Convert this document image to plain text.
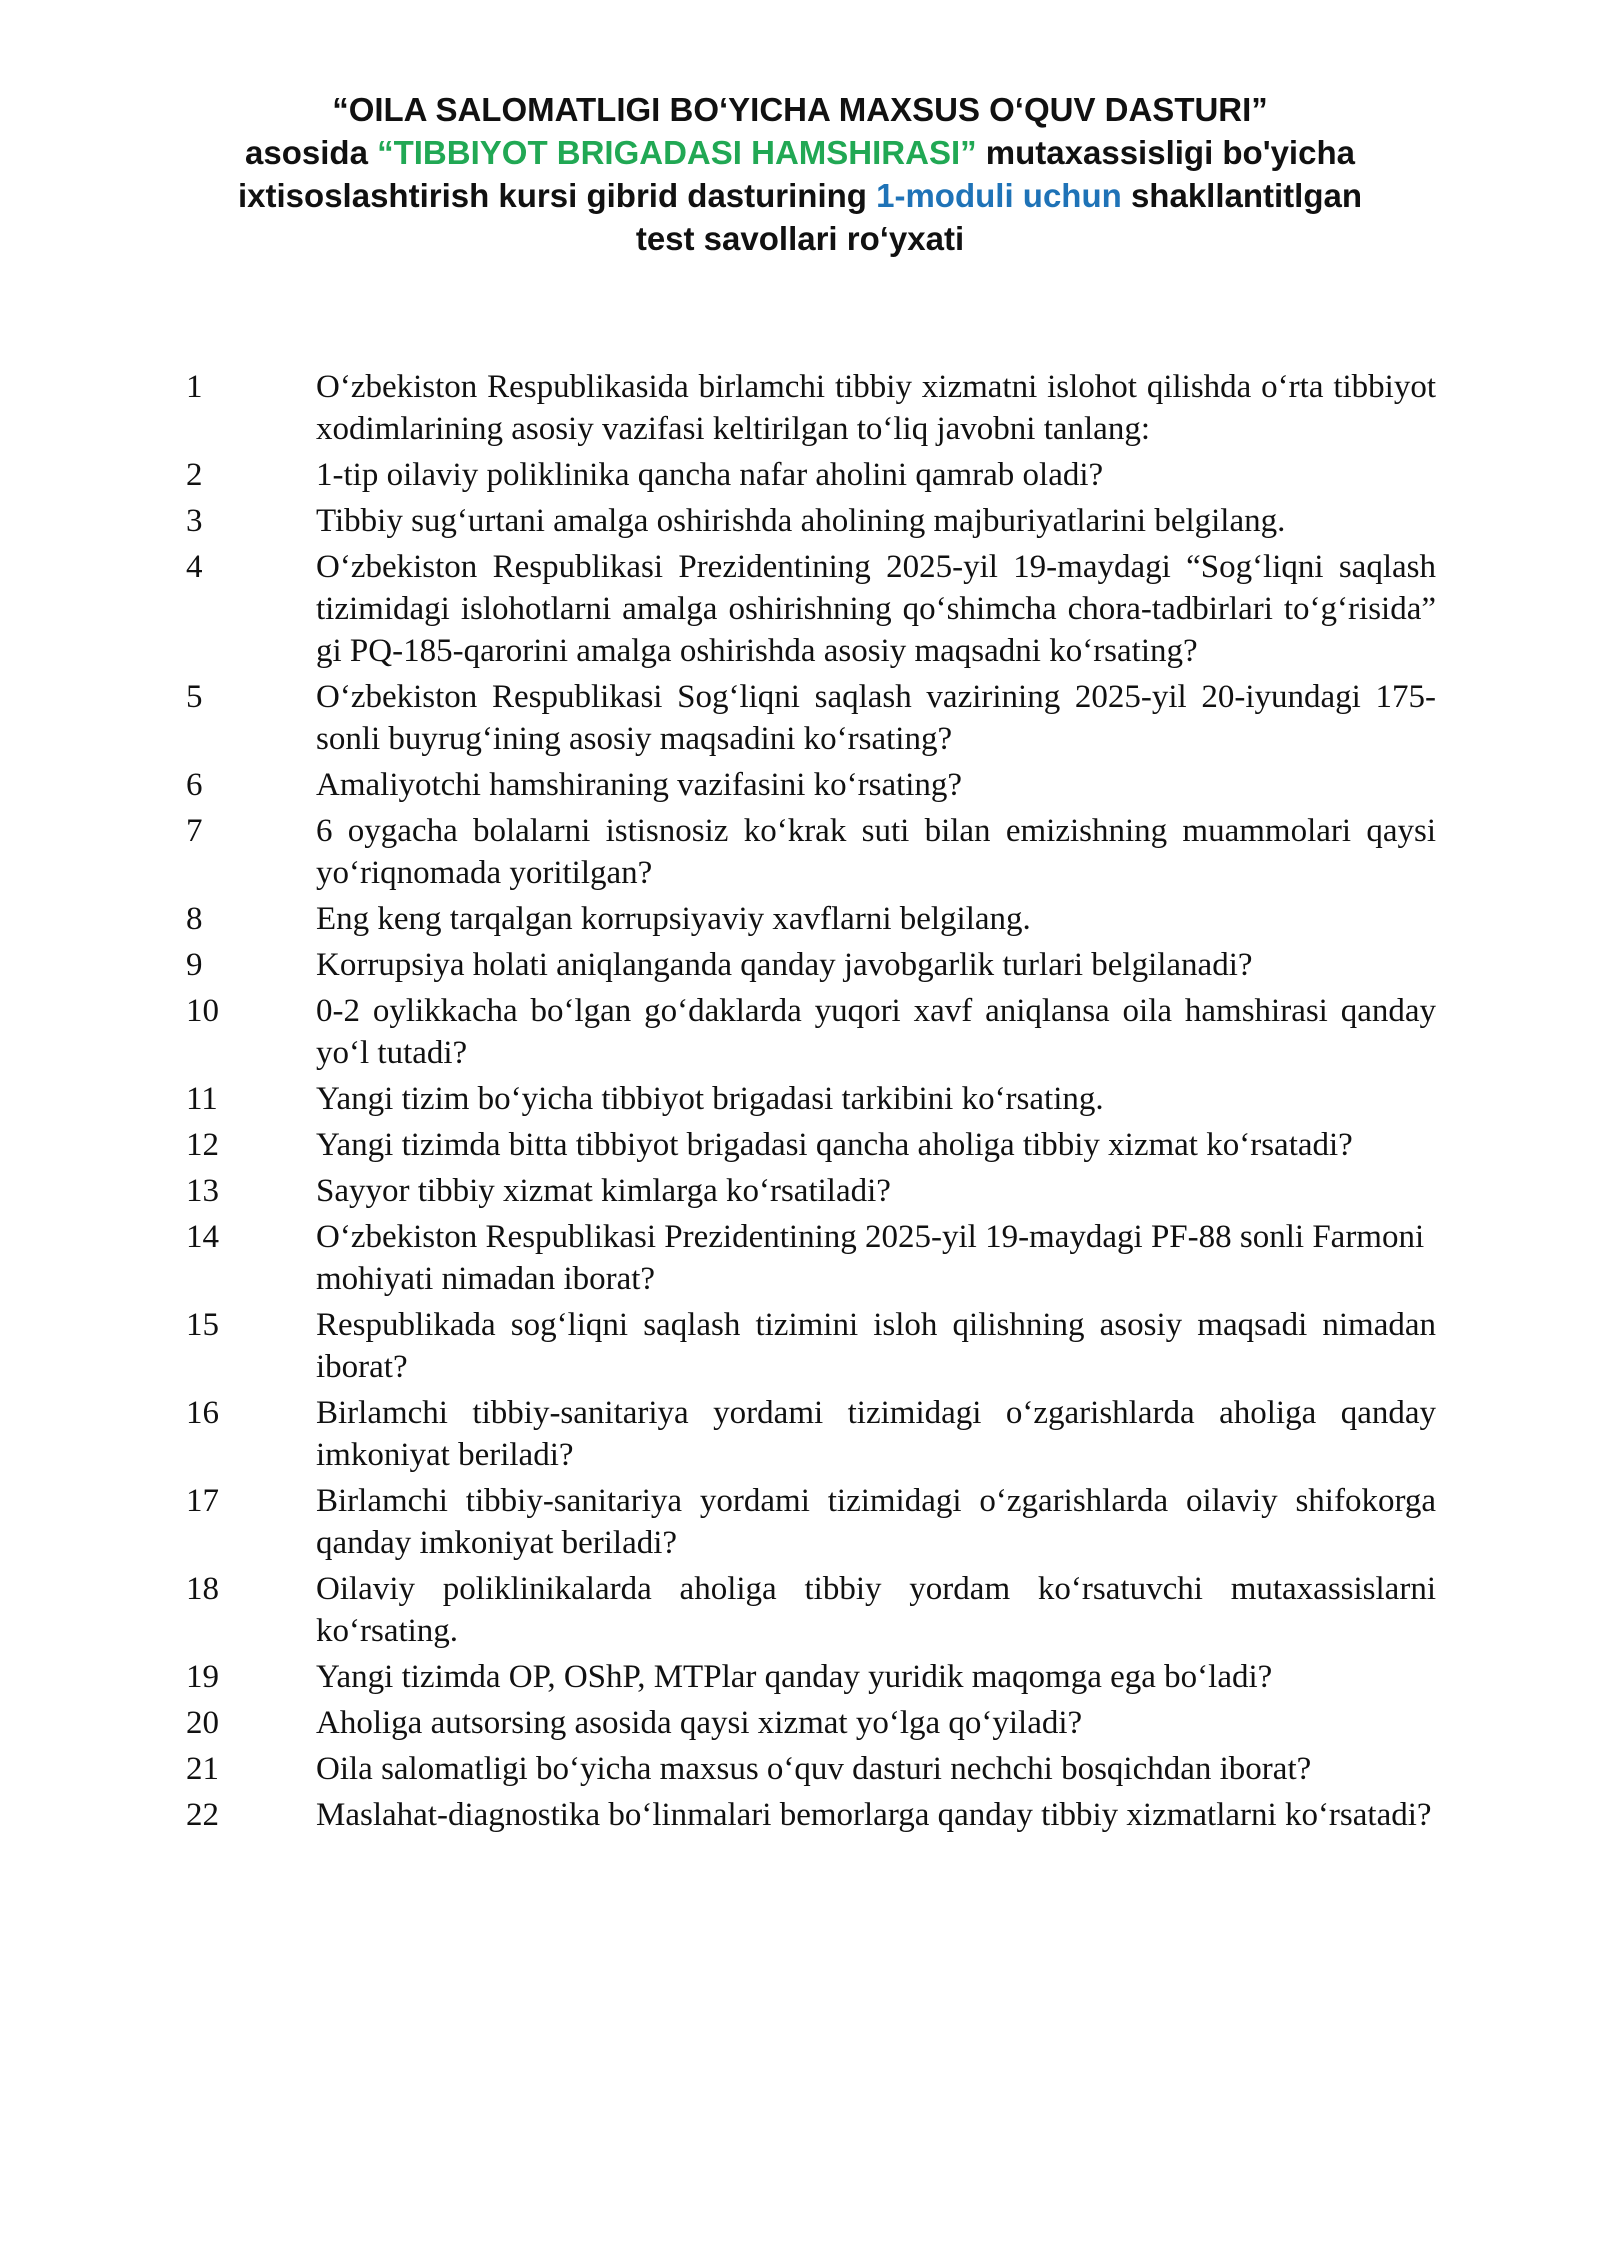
“OILA SALOMATLIGI BOʻYICHA MAXSUS OʻQUV DASTURI”
asosida “TIBBIYOT BRIGADASI HAMSHIRASI” mutaxassisligi bo'yicha
ixtisoslashtirish kursi gibrid dasturining 1-moduli uchun shakllantitlgan
test savollari roʻyxati
1	Oʻzbekiston Respublikasida birlamchi tibbiy xizmatni islohot qilishda oʻrta tibbiyot xodimlarining asosiy vazifasi keltirilgan toʻliq javobni tanlang:
2	1-tip oilaviy poliklinika qancha nafar aholini qamrab oladi?
3	Tibbiy sugʻurtani amalga oshirishda aholining majburiyatlarini belgilang.
4	Oʻzbekiston Respublikasi Prezidentining 2025-yil 19-maydagi “Sogʻliqni saqlash tizimidagi islohotlarni amalga oshirishning qoʻshimcha chora-tadbirlari toʻgʻrisida” gi PQ-185-qarorini amalga oshirishda asosiy maqsadni koʻrsating?
5	Oʻzbekiston Respublikasi Sogʻliqni saqlash vazirining 2025-yil 20-iyundagi 175-sonli buyrugʻining asosiy maqsadini koʻrsating?
6	Amaliyotchi hamshiraning vazifasini koʻrsating?
7	6 oygacha bolalarni istisnosiz koʻkrak suti bilan emizishning muammolari qaysi yoʻriqnomada yoritilgan?
8	Eng keng tarqalgan korrupsiyaviy xavflarni belgilang.
9	Korrupsiya holati aniqlanganda qanday javobgarlik turlari belgilanadi?
10	0-2 oylikkacha boʻlgan goʻdaklarda yuqori xavf aniqlansa oila hamshirasi qanday yoʻl tutadi?
11	Yangi tizim boʻyicha tibbiyot brigadasi tarkibini koʻrsating.
12	Yangi tizimda bitta tibbiyot brigadasi qancha aholiga tibbiy xizmat koʻrsatadi?
13	Sayyor tibbiy xizmat kimlarga koʻrsatiladi?
14	Oʻzbekiston Respublikasi Prezidentining 2025-yil 19-maydagi PF-88 sonli Farmoni mohiyati nimadan iborat?
15	Respublikada sogʻliqni saqlash tizimini isloh qilishning asosiy maqsadi nimadan iborat?
16	Birlamchi tibbiy-sanitariya yordami tizimidagi oʻzgarishlarda aholiga qanday imkoniyat beriladi?
17	Birlamchi tibbiy-sanitariya yordami tizimidagi oʻzgarishlarda oilaviy shifokorga qanday imkoniyat beriladi?
18	Oilaviy poliklinikalarda aholiga tibbiy yordam koʻrsatuvchi mutaxassislarni koʻrsating.
19	Yangi tizimda OP, OShP, MTPlar qanday yuridik maqomga ega boʻladi?
20	Aholiga autsorsing asosida qaysi xizmat yoʻlga qoʻyiladi?
21	Oila salomatligi boʻyicha maxsus oʻquv dasturi nechchi bosqichdan iborat?
22	Maslahat-diagnostika boʻlinmalari bemorlarga qanday tibbiy xizmatlarni koʻrsatadi?
